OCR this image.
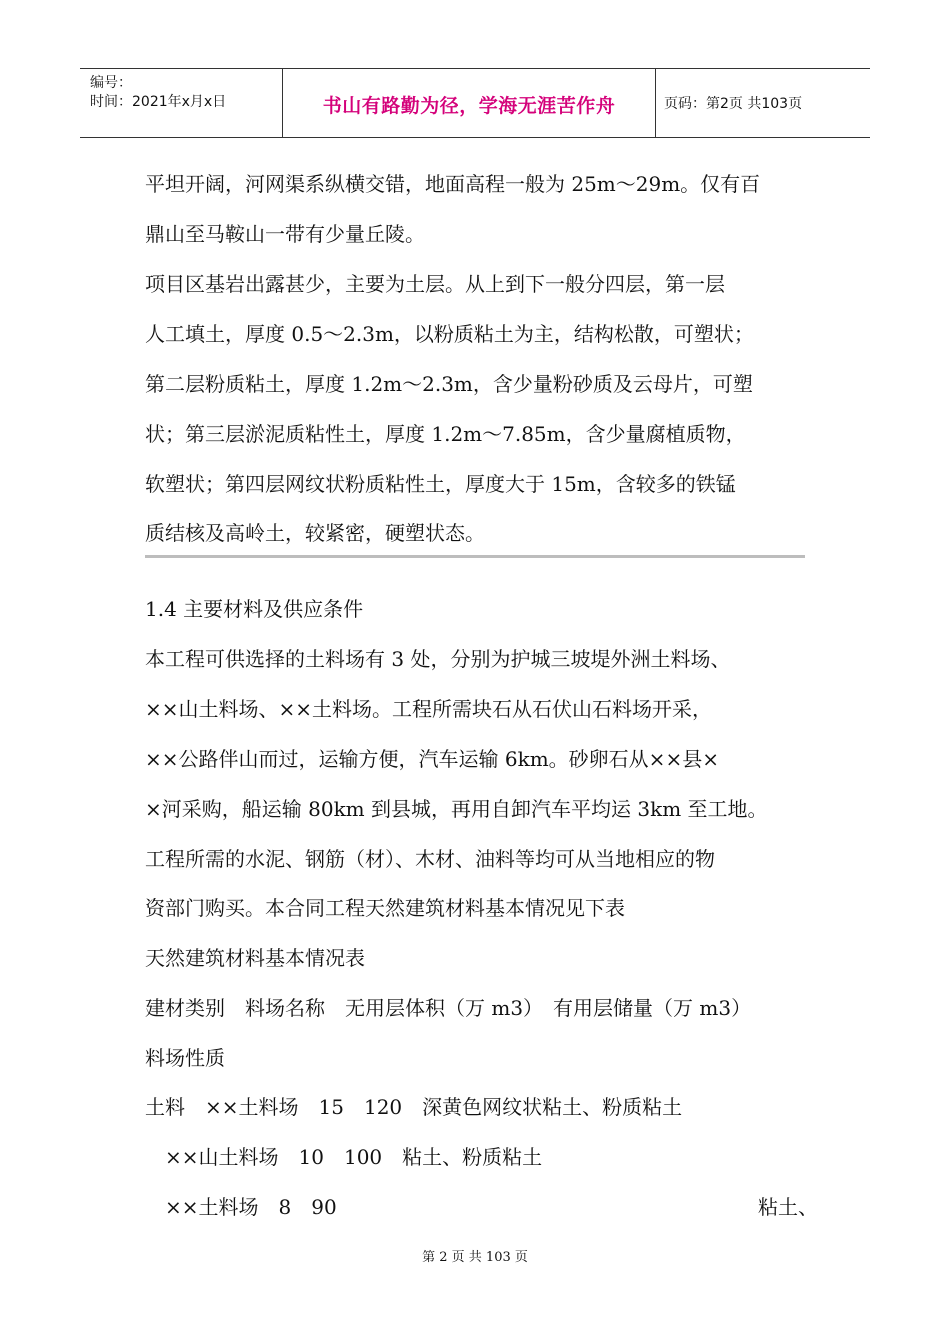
编号：
时间：2021年x月x日	书山有路勤为径，学海无涯苦作舟	页码：第2页 共103页
平坦开阔，河网渠系纵横交错，地面高程一般为 25m～29m。仅有百
鼎山至马鞍山一带有少量丘陵。
项目区基岩出露甚少，主要为土层。从上到下一般分四层，第一层
人工填土，厚度 0.5～2.3m，以粉质粘土为主，结构松散，可塑状；
第二层粉质粘土，厚度 1.2m～2.3m，含少量粉砂质及云母片，可塑
状；第三层淤泥质粘性土，厚度 1.2m～7.85m，含少量腐植质物，
软塑状；第四层网纹状粉质粘性土，厚度大于 15m，含较多的铁锰
质结核及高岭土，较紧密，硬塑状态。
1.4 主要材料及供应条件
本工程可供选择的土料场有 3 处，分别为护城三坡堤外洲土料场、
××山土料场、××土料场。工程所需块石从石伏山石料场开采，
××公路伴山而过，运输方便，汽车运输 6km。砂卵石从××县×
×河采购，船运输 80km 到县城，再用自卸汽车平均运 3km 至工地。
工程所需的水泥、钢筋（材）、木材、油料等均可从当地相应的物
资部门购买。本合同工程天然建筑材料基本情况见下表
天然建筑材料基本情况表
建材类别　料场名称　无用层体积（万 m3）　有用层储量（万 m3）
料场性质
土料　××土料场　15　120　深黄色网纹状粘土、粉质粘土
　××山土料场　10　100　粘土、粉质粘土
　××土料场　8　90	粘土、
第 2 页 共 103 页
